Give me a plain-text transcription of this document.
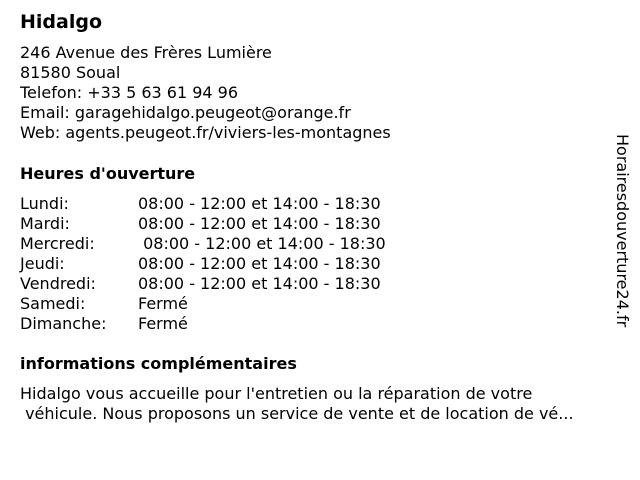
Hidalgo
246 Avenue des Frères Lumière
81580 Soual
Telefon: +33 5 63 61 94 96
Email: garagehidalgo.peugeot@orange.fr
Web: agents.peugeot.fr/viviers-les-montagnes
Heures d'ouverture
Lundi:	08:00 - 12:00 et 14:00 - 18:30
Mardi:	08:00 - 12:00 et 14:00 - 18:30
Mercredi:	08:00 - 12:00 et 14:00 - 18:30
Jeudi:	08:00 - 12:00 et 14:00 - 18:30
Vendredi:	08:00 - 12:00 et 14:00 - 18:30
Samedi:	Fermé
Dimanche: Fermé
informations complémentaires
Hidalgo vous accueille pour l'entretien ou la réparation de votre
véhicule. Nous proposons un service de vente et de location de vé...
Horairesdouverture24.fr
